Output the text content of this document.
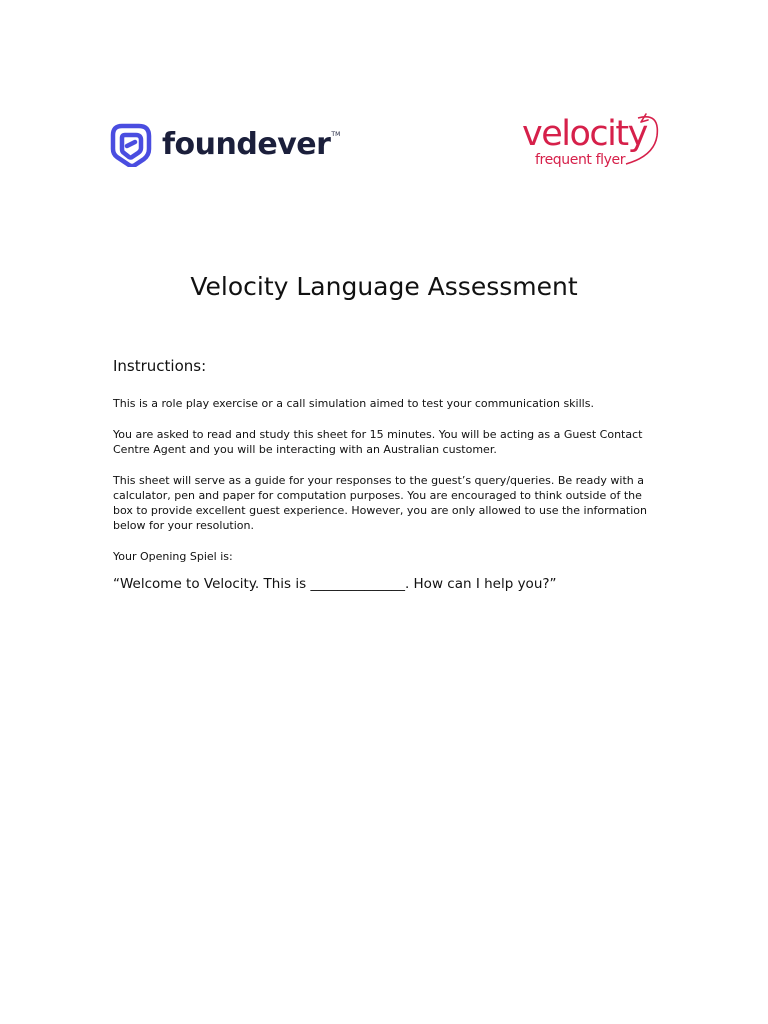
foundever TM	velocity
frequent flyer
Velocity Language Assessment
Instructions:

This is a role play exercise or a call simulation aimed to test your communication skills.

You are asked to read and study this sheet for 15 minutes. You will be acting as a Guest Contact Centre Agent and you will be interacting with an Australian customer.

This sheet will serve as a guide for your responses to the guest’s query/queries. Be ready with a calculator, pen and paper for computation purposes. You are encouraged to think outside of the box to provide excellent guest experience. However, you are only allowed to use the information below for your resolution.

Your Opening Spiel is:

“Welcome to Velocity. This is ______________. How can I help you?”
